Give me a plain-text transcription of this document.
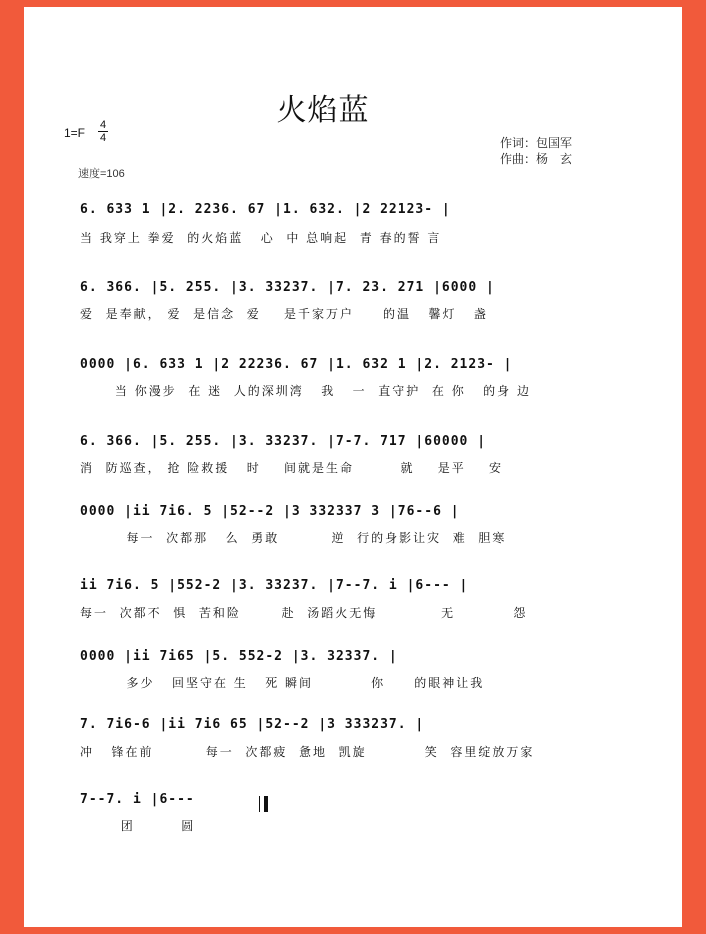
火焰蓝
1=F
4
4
速度=106
作词：包国军
作曲：杨　玄
6. 633 1 |2. 2236. 67 |1. 632. |2 22123- |
当 我穿上 拳爱  的火焰蓝   心  中 总响起  青 春的誓 言
6. 366. |5. 255. |3. 33237. |7. 23. 271 |6000 |
爱  是奉献， 爱  是信念  爱    是千家万户     的温   馨灯   盏
0000 |6. 633 1 |2 22236. 67 |1. 632 1 |2. 2123- |
当 你漫步  在 迷  人的深圳湾   我   一  直守护  在 你   的身 边
6. 366. |5. 255. |3. 33237. |7-7. 717 |60000 |
消  防巡查， 抢 险救援   时    间就是生命        就    是平    安
0000 |ii 7i6. 5 |52--2 |3 332337 3 |76--6 |
每一  次都那   么  勇敢         逆  行的身影让灾  难  胆寒
ii 7i6. 5 |552-2 |3. 33237. |7--7. i |6--- |
每一  次都不  惧  苦和险       赴  汤蹈火无悔           无          怨
0000 |ii 7i65 |5. 552-2 |3. 32337. |
多少   回坚守在 生   死 瞬间          你     的眼神让我
7. 7i6-6 |ii 7i6 65 |52--2 |3 333237. |
冲   锋在前         每一  次都疲  惫地  凯旋          笑  容里绽放万家
7--7. i |6---
团        圆
